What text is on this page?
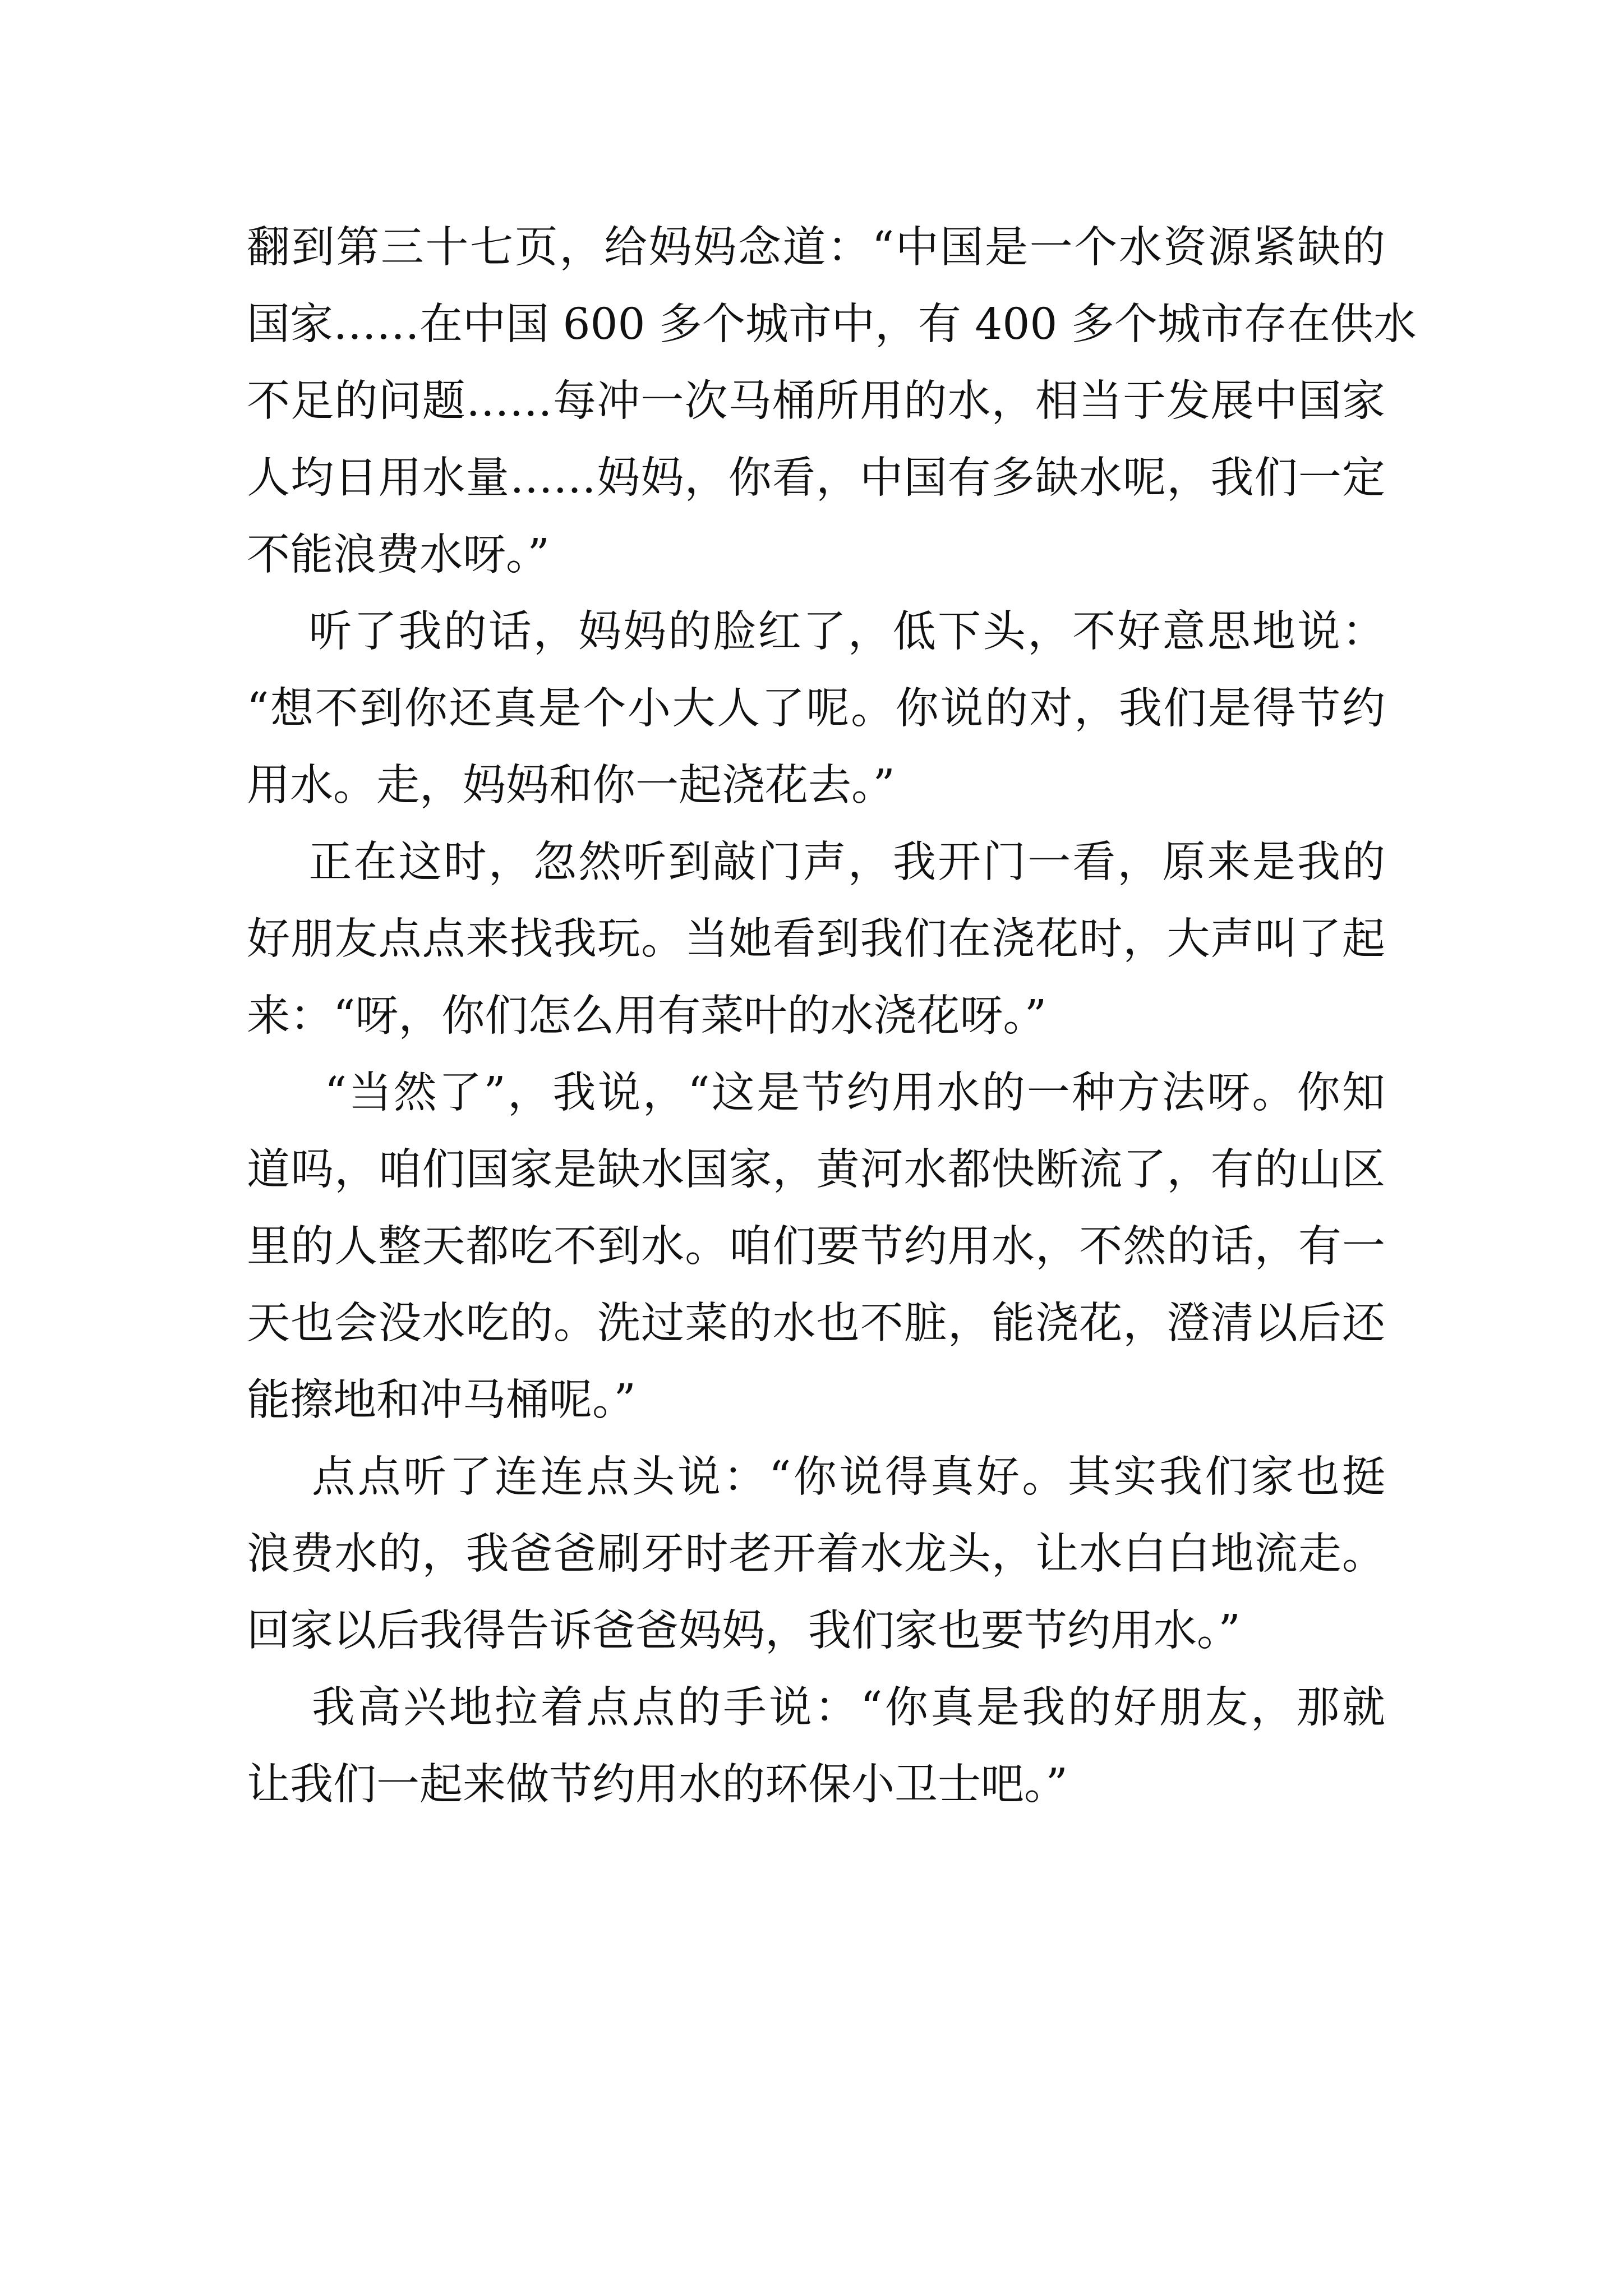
翻到第三十七页，给妈妈念道：“中国是一个水资源紧缺的
国家……在中国 600 多个城市中，有 400 多个城市存在供水
不足的问题……每冲一次马桶所用的水，相当于发展中国家
人均日用水量……妈妈，你看，中国有多缺水呢，我们一定
不能浪费水呀。”
听了我的话，妈妈的脸红了，低下头，不好意思地说：
“想不到你还真是个小大人了呢。你说的对，我们是得节约
用水。走，妈妈和你一起浇花去。”
正在这时，忽然听到敲门声，我开门一看，原来是我的
好朋友点点来找我玩。当她看到我们在浇花时，大声叫了起
来：“呀，你们怎么用有菜叶的水浇花呀。”
“当然了”，我说，“这是节约用水的一种方法呀。你知
道吗，咱们国家是缺水国家，黄河水都快断流了，有的山区
里的人整天都吃不到水。咱们要节约用水，不然的话，有一
天也会没水吃的。洗过菜的水也不脏，能浇花，澄清以后还
能擦地和冲马桶呢。”
点点听了连连点头说：“你说得真好。其实我们家也挺
浪费水的，我爸爸刷牙时老开着水龙头，让水白白地流走。
回家以后我得告诉爸爸妈妈，我们家也要节约用水。”
我高兴地拉着点点的手说：“你真是我的好朋友，那就
让我们一起来做节约用水的环保小卫士吧。”
